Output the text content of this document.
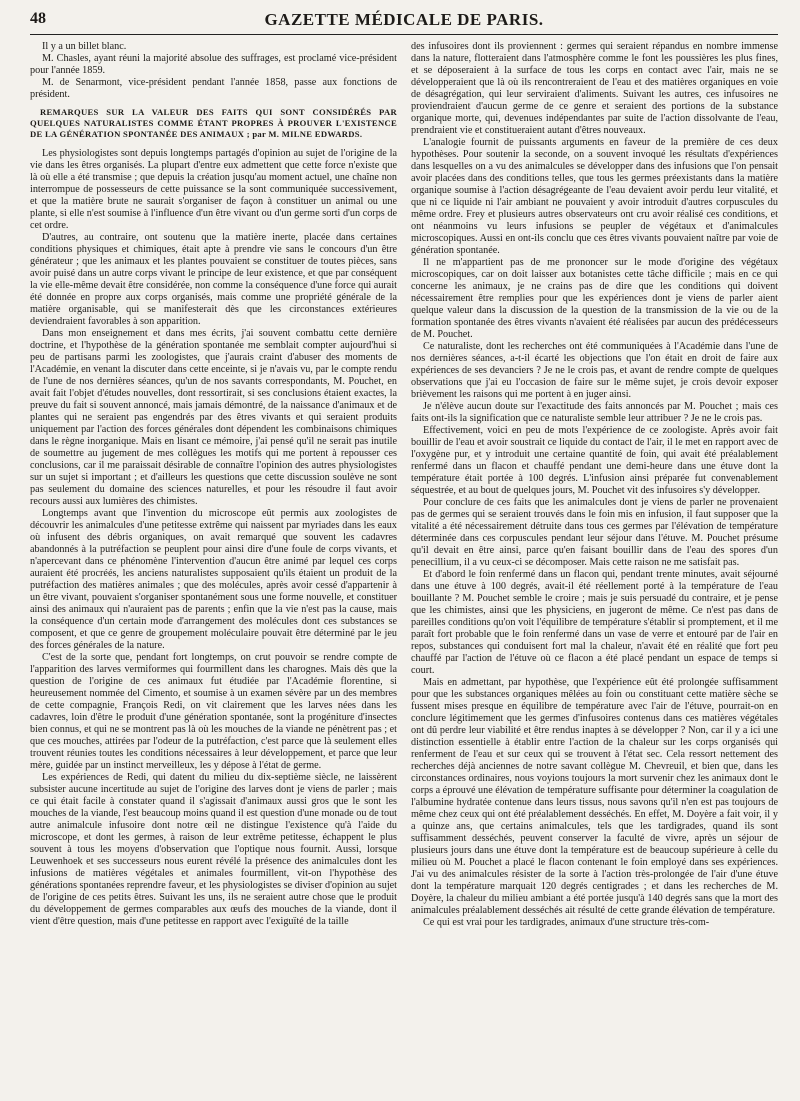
48	GAZETTE MÉDICALE DE PARIS.

Il y a un billet blanc.

M. Chasles, ayant réuni la majorité absolue des suffrages, est proclamé vice-président pour l'année 1859.

M. de Senarmont, vice-président pendant l'année 1858, passe aux fonctions de président.

REMARQUES SUR LA VALEUR DES FAITS QUI SONT CONSIDÉRÉS PAR QUELQUES NATURALISTES COMME ÉTANT PROPRES À PROUVER L'EXISTENCE DE LA GÉNÉRATION SPONTANÉE DES ANIMAUX ; par M. MILNE EDWARDS.

Les physiologistes sont depuis longtemps partagés d'opinion au sujet de l'origine de la vie dans les êtres organisés. La plupart d'entre eux admettent que cette force n'existe que là où elle a été transmise ; que depuis la création jusqu'au moment actuel, une chaîne non interrompue de possesseurs de cette puissance se la sont communiquée successivement, et que la matière brute ne saurait s'organiser de façon à constituer un animal ou une plante, si elle n'est soumise à l'influence d'un être vivant ou d'un germe sorti d'un corps de cet ordre.

D'autres, au contraire, ont soutenu que la matière inerte, placée dans certaines conditions physiques et chimiques, était apte à prendre vie sans le concours d'un être générateur ; que les animaux et les plantes pouvaient se constituer de toutes pièces, sans avoir puisé dans un autre corps vivant le principe de leur existence, et que par conséquent la vie elle-même devait être considérée, non comme la conséquence d'une force qui aurait été donnée en propre aux corps organisés, mais comme une propriété générale de la matière organisable, qui se manifesterait dès que les circonstances extérieures deviendraient favorables à son apparition.

Dans mon enseignement et dans mes écrits, j'ai souvent combattu cette dernière doctrine, et l'hypothèse de la génération spontanée me semblait compter aujourd'hui si peu de partisans parmi les zoologistes, que j'aurais craint d'abuser des moments de l'Académie, en venant la discuter dans cette enceinte, si je n'avais vu, par le compte rendu de l'une de nos dernières séances, qu'un de nos savants correspondants, M. Pouchet, en avait fait l'objet d'études nouvelles, dont ressortirait, si ses conclusions étaient exactes, la preuve du fait si souvent annoncé, mais jamais démontré, de la naissance d'animaux et de plantes qui ne seraient pas engendrés par des êtres vivants et qui seraient produits uniquement par l'action des forces générales dont dépendent les combinaisons chimiques dans le règne inorganique. Mais en lisant ce mémoire, j'ai pensé qu'il ne serait pas inutile de soumettre au jugement de mes collègues les motifs qui me portent à repousser ces conclusions, car il me paraissait désirable de connaître l'opinion des autres physiologistes sur un sujet si important ; et d'ailleurs les questions que cette discussion soulève ne sont pas seulement du domaine des sciences naturelles, et pour les résoudre il faut avoir recours aussi aux lumières des chimistes.

Longtemps avant que l'invention du microscope eût permis aux zoologistes de découvrir les animalcules d'une petitesse extrême qui naissent par myriades dans les eaux où infusent des débris organiques, on avait remarqué que souvent les cadavres abandonnés à la putréfaction se peuplent pour ainsi dire d'une foule de corps vivants, et n'apercevant dans ce phénomène l'intervention d'aucun être animé par lequel ces corps auraient été procréés, les anciens naturalistes supposaient qu'ils étaient un produit de la putréfaction des matières animales ; que des molécules, après avoir cessé d'appartenir à un être vivant, pouvaient s'organiser spontanément sous une forme nouvelle, et constituer ainsi des animaux qui n'auraient pas de parents ; enfin que la vie n'est pas la cause, mais la conséquence d'un certain mode d'arrangement des molécules dont ces substances se composent, et que ce genre de groupement moléculaire pouvait être déterminé par le jeu des forces générales de la nature.

C'est de la sorte que, pendant fort longtemps, on crut pouvoir se rendre compte de l'apparition des larves vermiformes qui fourmillent dans les charognes. Mais dès que la question de l'origine de ces animaux fut étudiée par l'Académie florentine, si heureusement nommée del Cimento, et soumise à un examen sévère par un des membres de cette compagnie, François Redi, on vit clairement que les larves nées dans les cadavres, loin d'être le produit d'une génération spontanée, sont la progéniture d'insectes bien connus, et qui ne se montrent pas là où les mouches de la viande ne pénètrent pas ; et que ces mouches, attirées par l'odeur de la putréfaction, c'est parce que là seulement elles trouvent réunies toutes les conditions nécessaires à leur développement, et parce que leur mère, guidée par un instinct merveilleux, les y dépose à l'état de germe.

Les expériences de Redi, qui datent du milieu du dix-septième siècle, ne laissèrent subsister aucune incertitude au sujet de l'origine des larves dont je viens de parler ; mais ce qui était facile à constater quand il s'agissait d'animaux aussi gros que le sont les mouches de la viande, l'est beaucoup moins quand il est question d'une monade ou de tout autre animalcule infusoire dont notre œil ne distingue l'existence qu'à l'aide du microscope, et dont les germes, à raison de leur extrême petitesse, échappent le plus souvent à tous les moyens d'observation que l'optique nous fournit. Aussi, lorsque Leuwenhoek et ses successeurs nous eurent révélé la présence des animalcules dont les infusions de matières végétales et animales fourmillent, vit-on l'hypothèse des générations spontanées reprendre faveur, et les physiologistes se diviser d'opinion au sujet de l'origine de ces petits êtres. Suivant les uns, ils ne seraient autre chose que le produit du développement de germes comparables aux œufs des mouches de la viande, dont il vient d'être question, mais d'une petitesse en rapport avec l'exiguïté de la taille

des infusoires dont ils proviennent : germes qui seraient répandus en nombre immense dans la nature, flotteraient dans l'atmosphère comme le font les poussières les plus fines, et se déposeraient à la surface de tous les corps en contact avec l'air, mais ne se développeraient que là où ils rencontreraient de l'eau et des matières organiques en voie de désagrégation, qui leur serviraient d'aliments. Suivant les autres, ces infusoires ne proviendraient d'aucun germe de ce genre et seraient des portions de la substance organique morte, qui, devenues indépendantes par suite de l'action dissolvante de l'eau, prendraient vie et constitueraient autant d'êtres nouveaux.

L'analogie fournit de puissants arguments en faveur de la première de ces deux hypothèses. Pour soutenir la seconde, on a souvent invoqué les résultats d'expériences dans lesquelles on a vu des animalcules se développer dans des infusions que l'on pensait avoir placées dans des conditions telles, que tous les germes préexistants dans la matière organique soumise à l'action désagrégeante de l'eau devaient avoir perdu leur vitalité, et que ni ce liquide ni l'air ambiant ne pouvaient y avoir introduit d'autres corpuscules du même ordre. Frey et plusieurs autres observateurs ont cru avoir réalisé ces conditions, et ont néanmoins vu leurs infusions se peupler de végétaux et d'animalcules microscopiques. Aussi en ont-ils conclu que ces êtres vivants pouvaient naître par voie de génération spontanée.

Il ne m'appartient pas de me prononcer sur le mode d'origine des végétaux microscopiques, car on doit laisser aux botanistes cette tâche difficile ; mais en ce qui concerne les animaux, je ne crains pas de dire que les conditions qui doivent nécessairement être remplies pour que les expériences dont je viens de parler aient quelque valeur dans la discussion de la question de la transmission de la vie ou de la formation spontanée des êtres vivants n'avaient été réalisées par aucun des prédécesseurs de M. Pouchet.

Ce naturaliste, dont les recherches ont été communiquées à l'Académie dans l'une de nos dernières séances, a-t-il écarté les objections que l'on était en droit de faire aux expériences de ses devanciers ? Je ne le crois pas, et avant de rendre compte de quelques observations que j'ai eu l'occasion de faire sur le même sujet, je crois devoir exposer brièvement les raisons qui me portent à en juger ainsi.

Je n'élève aucun doute sur l'exactitude des faits annoncés par M. Pouchet ; mais ces faits ont-ils la signification que ce naturaliste semble leur attribuer ? Je ne le crois pas.

Effectivement, voici en peu de mots l'expérience de ce zoologiste. Après avoir fait bouillir de l'eau et avoir soustrait ce liquide du contact de l'air, il le met en rapport avec de l'oxygène pur, et y introduit une certaine quantité de foin, qui avait été préalablement renfermé dans un flacon et chauffé pendant une demi-heure dans une étuve dont la température était portée à 100 degrés. L'infusion ainsi préparée fut convenablement séquestrée, et au bout de quelques jours, M. Pouchet vit des infusoires s'y développer.

Pour conclure de ces faits que les animalcules dont je viens de parler ne provenaient pas de germes qui se seraient trouvés dans le foin mis en infusion, il faut supposer que la vitalité a été nécessairement détruite dans tous ces germes par l'élévation de température déterminée dans ces corpuscules pendant leur séjour dans l'étuve. M. Pouchet présume qu'il devait en être ainsi, parce qu'en faisant bouillir dans de l'eau des spores d'un penecillium, il a vu ceux-ci se décomposer. Mais cette raison ne me satisfait pas.

Et d'abord le foin renfermé dans un flacon qui, pendant trente minutes, avait séjourné dans une étuve à 100 degrés, avait-il été réellement porté à la température de l'eau bouillante ? M. Pouchet semble le croire ; mais je suis persuadé du contraire, et je pense que les chimistes, ainsi que les physiciens, en jugeront de même. Ce n'est pas dans de pareilles conditions qu'on voit l'équilibre de température s'établir si promptement, et il me paraît fort probable que le foin renfermé dans un vase de verre et entouré par de l'air en repos, substances qui conduisent fort mal la chaleur, n'avait été en réalité que fort peu chauffé par l'action de l'étuve où ce flacon a été placé pendant un espace de temps si court.

Mais en admettant, par hypothèse, que l'expérience eût été prolongée suffisamment pour que les substances organiques mêlées au foin ou constituant cette matière sèche se fussent mises presque en équilibre de température avec l'air de l'étuve, pourrait-on en conclure légitimement que les germes d'infusoires contenus dans ces matières végétales ont dû perdre leur viabilité et être rendus inaptes à se développer ? Non, car il y a ici une distinction essentielle à établir entre l'action de la chaleur sur les corps organisés qui renferment de l'eau et sur ceux qui se trouvent à l'état sec. Cela ressort nettement des recherches déjà anciennes de notre savant collègue M. Chevreuil, et bien que, dans les circonstances ordinaires, nous voyions toujours la mort survenir chez les animaux dont le corps a éprouvé une élévation de température suffisante pour déterminer la coagulation de l'albumine hydratée contenue dans leurs tissus, nous savons qu'il n'en est pas toujours de même chez ceux qui ont été préalablement desséchés. En effet, M. Doyère a fait voir, il y a quinze ans, que certains animalcules, tels que les tardigrades, quand ils sont suffisamment desséchés, peuvent conserver la faculté de vivre, après un séjour de plusieurs jours dans une étuve dont la température est de beaucoup supérieure à celle du milieu où M. Pouchet a placé le flacon contenant le foin employé dans ses expériences. J'ai vu des animalcules résister de la sorte à l'action très-prolongée de l'air d'une étuve dont la température marquait 120 degrés centigrades ; et dans les recherches de M. Doyère, la chaleur du milieu ambiant a été portée jusqu'à 140 degrés sans que la mort des animalcules préalablement desséchés ait résulté de cette grande élévation de température.

Ce qui est vrai pour les tardigrades, animaux d'une structure très-com-
